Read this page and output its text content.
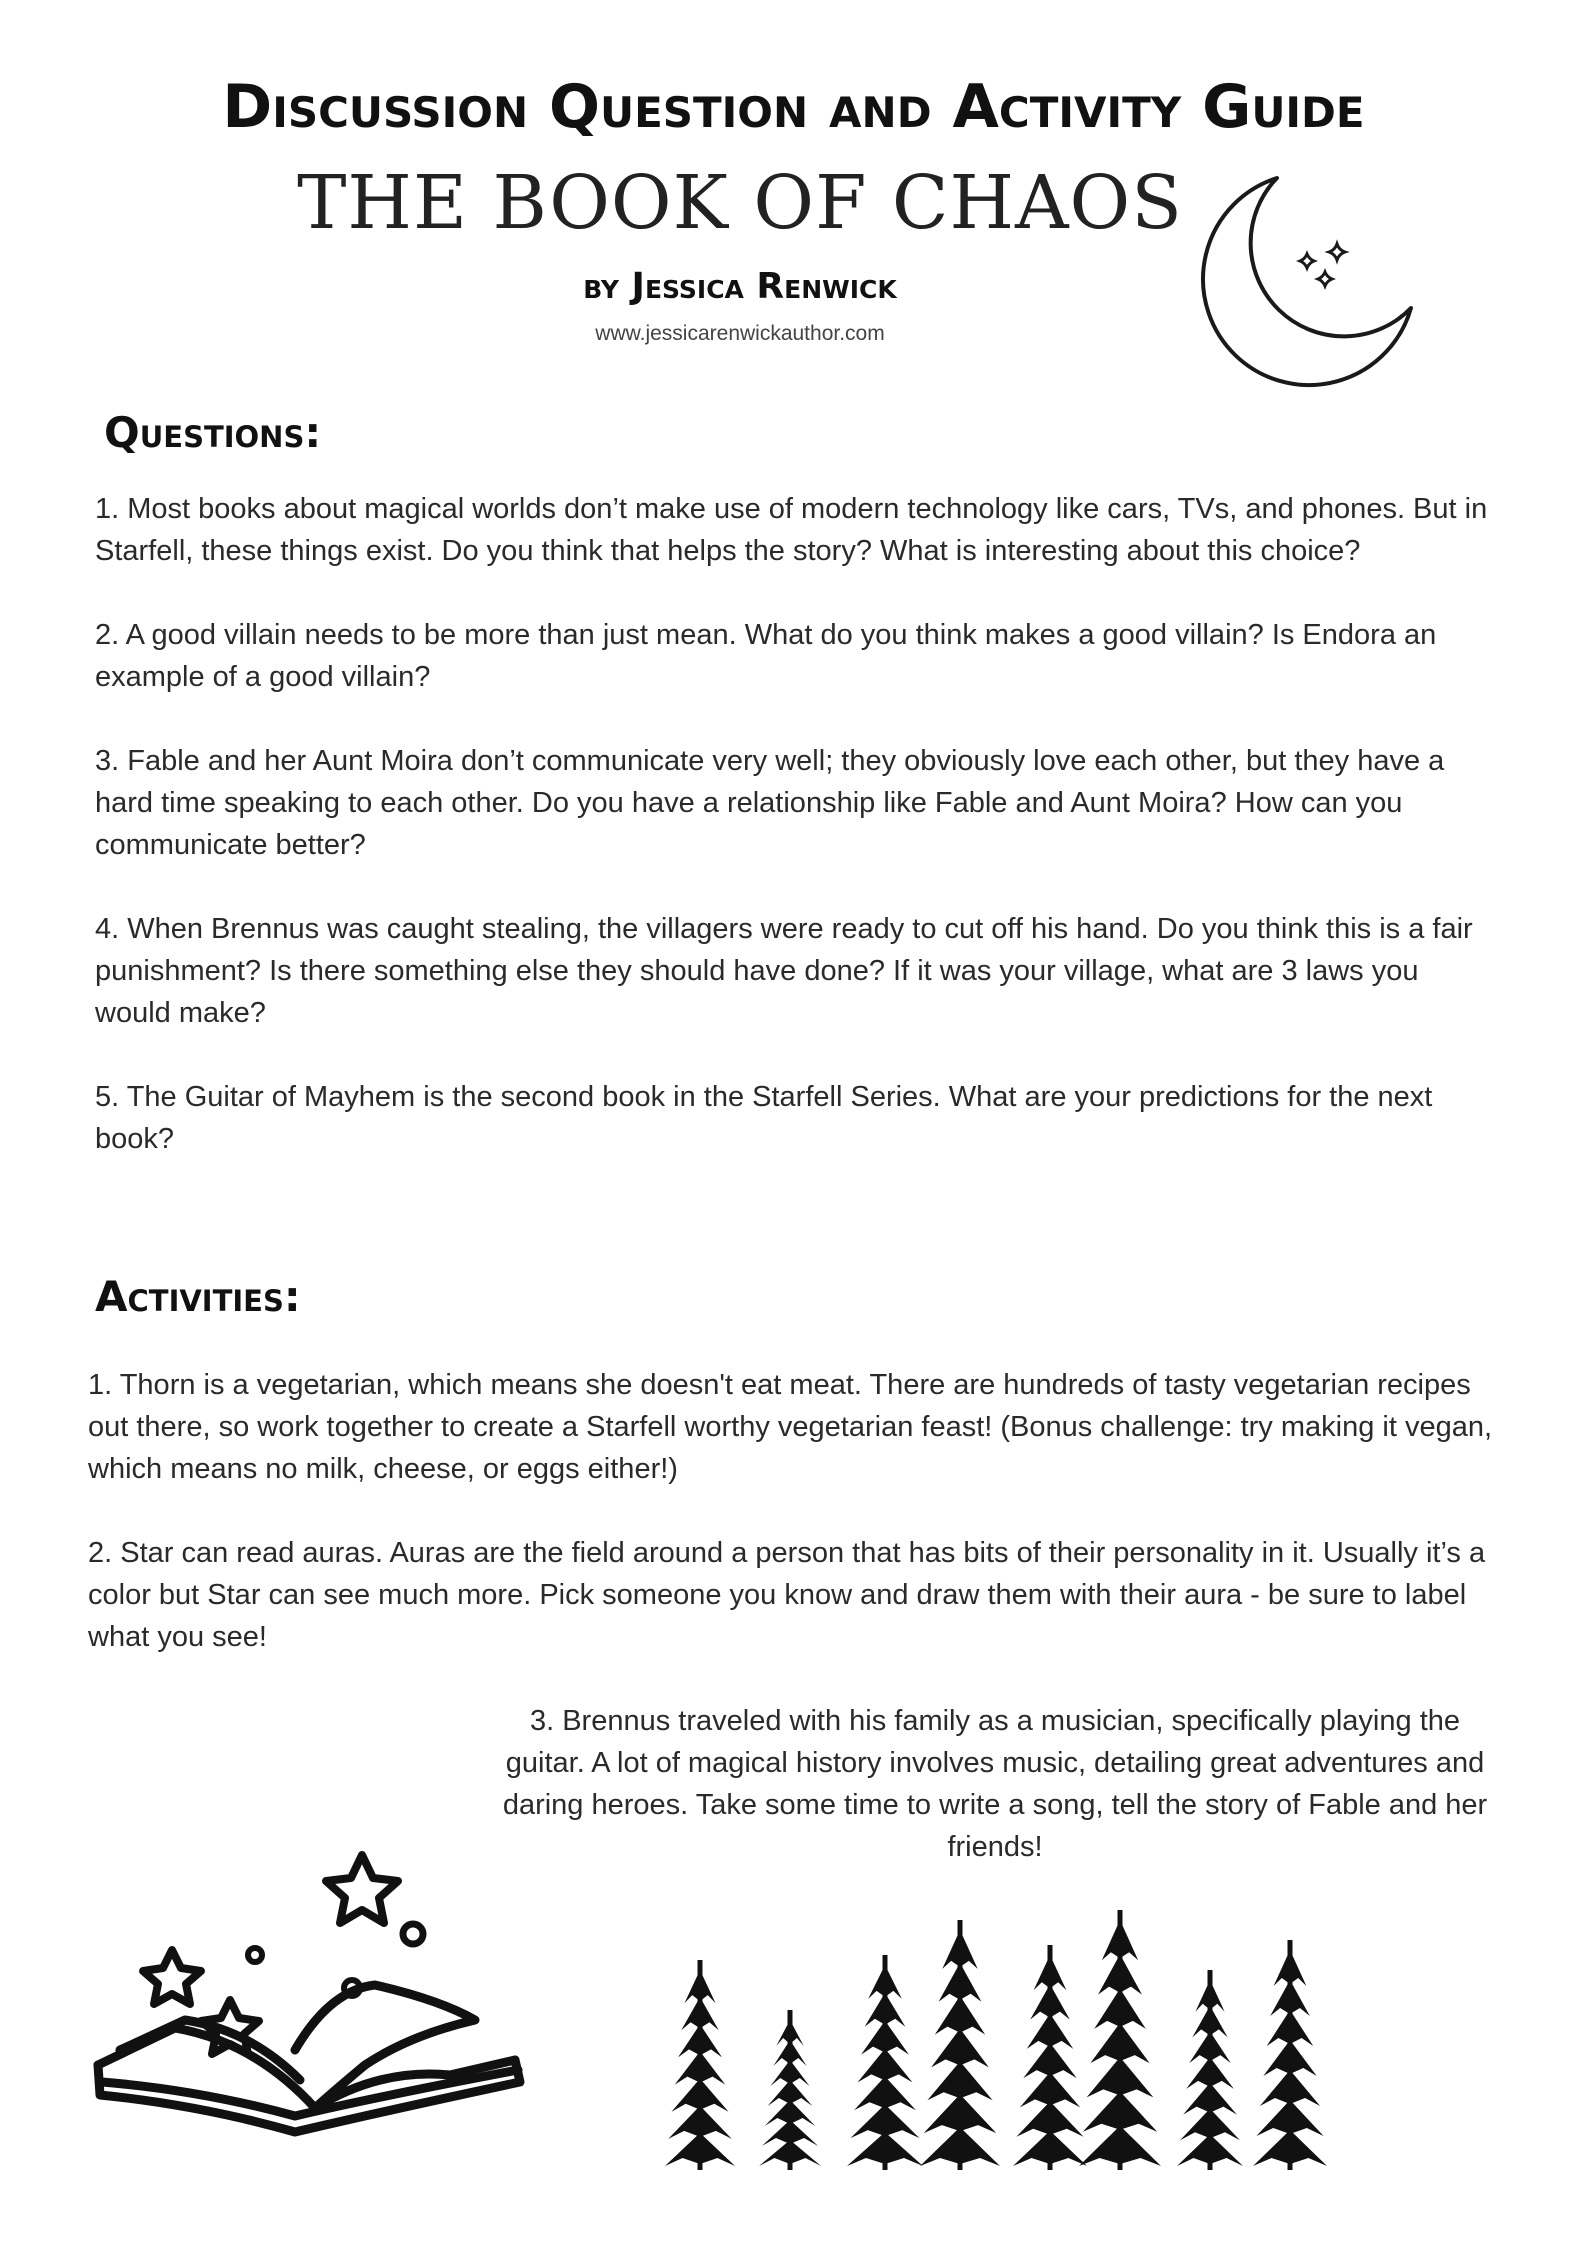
Discussion Question and Activity Guide
THE BOOK OF CHAOS
by Jessica Renwick
www.jessicarenwickauthor.com
Questions:

1. Most books about magical worlds don’t make use of modern technology like cars, TVs, and phones. But in Starfell, these things exist. Do you think that helps the story? What is interesting about this choice?

2. A good villain needs to be more than just mean. What do you think makes a good villain? Is Endora an example of a good villain?

3. Fable and her Aunt Moira don’t communicate very well; they obviously love each other, but they have a hard time speaking to each other. Do you have a relationship like Fable and Aunt Moira? How can you communicate better?

4. When Brennus was caught stealing, the villagers were ready to cut off his hand. Do you think this is a fair punishment? Is there something else they should have done? If it was your village, what are 3 laws you would make?

5. The Guitar of Mayhem is the second book in the Starfell Series. What are your predictions for the next book?

Activities:

1. Thorn is a vegetarian, which means she doesn't eat meat. There are hundreds of tasty vegetarian recipes out there, so work together to create a Starfell worthy vegetarian feast! (Bonus challenge: try making it vegan, which means no milk, cheese, or eggs either!)

2. Star can read auras. Auras are the field around a person that has bits of their personality in it. Usually it’s a color but Star can see much more. Pick someone you know and draw them with their aura - be sure to label what you see!

3. Brennus traveled with his family as a musician, specifically playing the guitar. A lot of magical history involves music, detailing great adventures and daring heroes. Take some time to write a song, tell the story of Fable and her friends!
